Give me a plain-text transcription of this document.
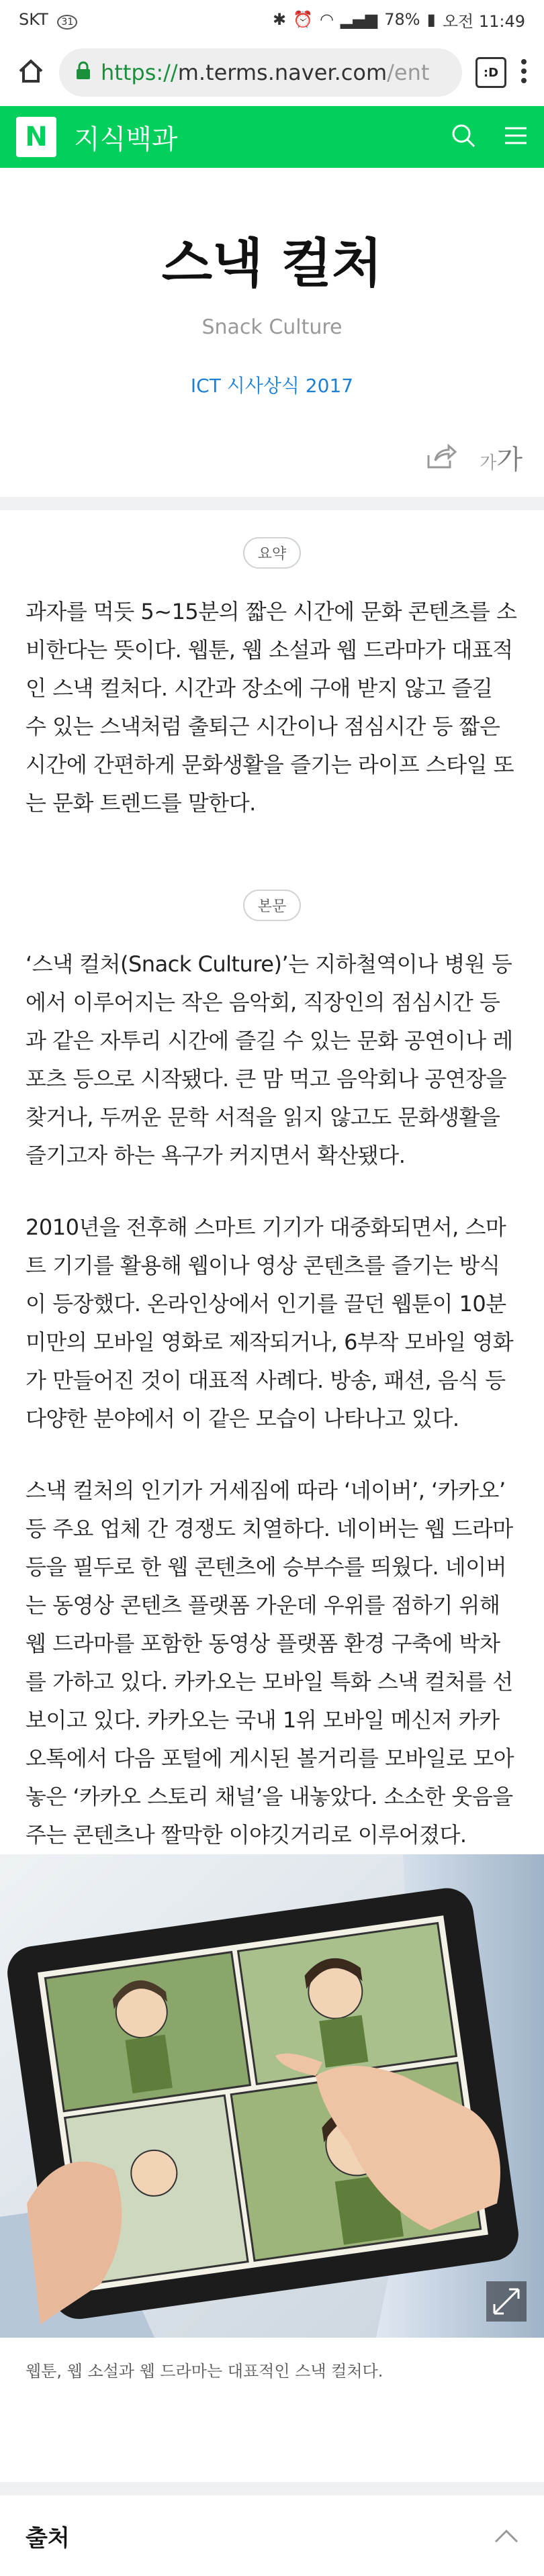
SKT 31	✱ ⏰ ◠ ▂▄▆ 78% ▮ 오전 11:49
https://m.terms.naver.com/ent	:D
N 지식백과
스낵 컬처
Snack Culture
ICT 시사상식 2017
가가
요약

과자를 먹듯 5~15분의 짧은 시간에 문화 콘텐츠를 소비한다는 뜻이다. 웹툰, 웹 소설과 웹 드라마가 대표적인 스낵 컬처다. 시간과 장소에 구애 받지 않고 즐길 수 있는 스낵처럼 출퇴근 시간이나 점심시간 등 짧은 시간에 간편하게 문화생활을 즐기는 라이프 스타일 또는 문화 트렌드를 말한다.

본문

‘스낵 컬처(Snack Culture)’는 지하철역이나 병원 등에서 이루어지는 작은 음악회, 직장인의 점심시간 등과 같은 자투리 시간에 즐길 수 있는 문화 공연이나 레포츠 등으로 시작됐다. 큰 맘 먹고 음악회나 공연장을 찾거나, 두꺼운 문학 서적을 읽지 않고도 문화생활을 즐기고자 하는 욕구가 커지면서 확산됐다.

2010년을 전후해 스마트 기기가 대중화되면서, 스마트 기기를 활용해 웹이나 영상 콘텐츠를 즐기는 방식이 등장했다. 온라인상에서 인기를 끌던 웹툰이 10분 미만의 모바일 영화로 제작되거나, 6부작 모바일 영화가 만들어진 것이 대표적 사례다. 방송, 패션, 음식 등 다양한 분야에서 이 같은 모습이 나타나고 있다.

스낵 컬처의 인기가 거세짐에 따라 ‘네이버’, ‘카카오’ 등 주요 업체 간 경쟁도 치열하다. 네이버는 웹 드라마 등을 필두로 한 웹 콘텐츠에 승부수를 띄웠다. 네이버는 동영상 콘텐츠 플랫폼 가운데 우위를 점하기 위해 웹 드라마를 포함한 동영상 플랫폼 환경 구축에 박차를 가하고 있다. 카카오는 모바일 특화 스낵 컬처를 선보이고 있다. 카카오는 국내 1위 모바일 메신저 카카오톡에서 다음 포털에 게시된 볼거리를 모바일로 모아 놓은 ‘카카오 스토리 채널’을 내놓았다. 소소한 웃음을 주는 콘텐츠나 짤막한 이야깃거리로 이루어졌다.

웹툰, 웹 소설과 웹 드라마는 대표적인 스낵 컬처다.
출처
